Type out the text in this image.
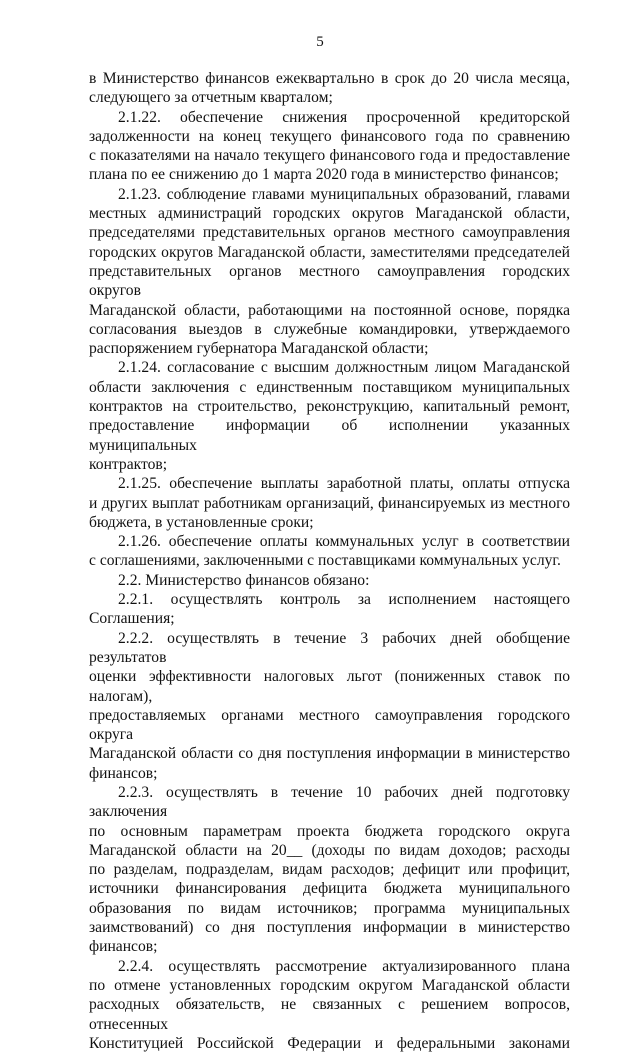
5
в Министерство финансов ежеквартально в срок до 20 числа месяца,
следующего за отчетным кварталом;
2.1.22. обеспечение снижения просроченной кредиторской
задолженности на конец текущего финансового года по сравнению
с показателями на начало текущего финансового года и предоставление
плана по ее снижению до 1 марта 2020 года в министерство финансов;
2.1.23. соблюдение главами муниципальных образований, главами
местных администраций городских округов Магаданской области,
председателями представительных органов местного самоуправления
городских округов Магаданской области, заместителями председателей
представительных органов местного самоуправления городских округов
Магаданской области, работающими на постоянной основе, порядка
согласования выездов в служебные командировки, утверждаемого
распоряжением губернатора Магаданской области;
2.1.24. согласование с высшим должностным лицом Магаданской
области заключения с единственным поставщиком муниципальных
контрактов на строительство, реконструкцию, капитальный ремонт,
предоставление информации об исполнении указанных муниципальных
контрактов;
2.1.25. обеспечение выплаты заработной платы, оплаты отпуска
и других выплат работникам организаций, финансируемых из местного
бюджета, в установленные сроки;
2.1.26. обеспечение оплаты коммунальных услуг в соответствии
с соглашениями, заключенными с поставщиками коммунальных услуг.
2.2. Министерство финансов обязано:
2.2.1. осуществлять контроль за исполнением настоящего
Соглашения;
2.2.2. осуществлять в течение 3 рабочих дней обобщение результатов
оценки эффективности налоговых льгот (пониженных ставок по налогам),
предоставляемых органами местного самоуправления городского округа
Магаданской области со дня поступления информации в министерство
финансов;
2.2.3. осуществлять в течение 10 рабочих дней подготовку заключения
по основным параметрам проекта бюджета городского округа
Магаданской области на 20__ (доходы по видам доходов; расходы
по разделам, подразделам, видам расходов; дефицит или профицит,
источники финансирования дефицита бюджета муниципального
образования по видам источников; программа муниципальных
заимствований) со дня поступления информации в министерство
финансов;
2.2.4. осуществлять рассмотрение актуализированного плана
по отмене установленных городским округом Магаданской области
расходных обязательств, не связанных с решением вопросов, отнесенных
Конституцией Российской Федерации и федеральными законами
